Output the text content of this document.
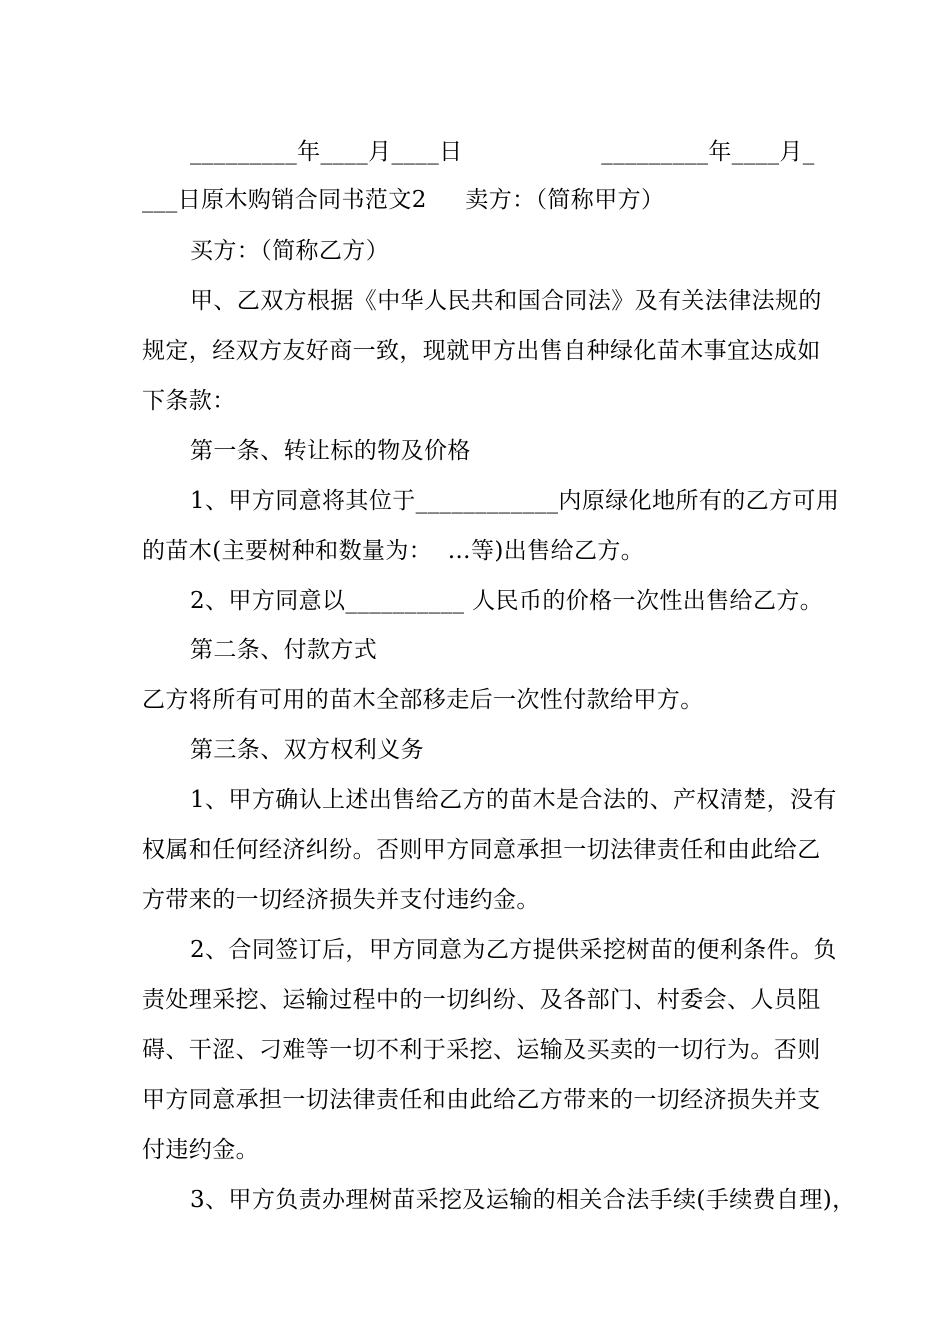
_________年____月____日                  _________年____月_
___日原木购销合同书范文2     卖方：（简称甲方）
买方：（简称乙方）
甲、乙双方根据《中华人民共和国合同法》及有关法律法规的
规定，经双方友好商一致，现就甲方出售自种绿化苗木事宜达成如
下条款：
第一条、转让标的物及价格
1、甲方同意将其位于____________内原绿化地所有的乙方可用
的苗木(主要树种和数量为：  …等)出售给乙方。
2、甲方同意以__________ 人民币的价格一次性出售给乙方。
第二条、付款方式
乙方将所有可用的苗木全部移走后一次性付款给甲方。
第三条、双方权利义务
1、甲方确认上述出售给乙方的苗木是合法的、产权清楚，没有
权属和任何经济纠纷。否则甲方同意承担一切法律责任和由此给乙
方带来的一切经济损失并支付违约金。
2、合同签订后，甲方同意为乙方提供采挖树苗的便利条件。负
责处理采挖、运输过程中的一切纠纷、及各部门、村委会、人员阻
碍、干涩、刁难等一切不利于采挖、运输及买卖的一切行为。否则
甲方同意承担一切法律责任和由此给乙方带来的一切经济损失并支
付违约金。
3、甲方负责办理树苗采挖及运输的相关合法手续(手续费自理)，
